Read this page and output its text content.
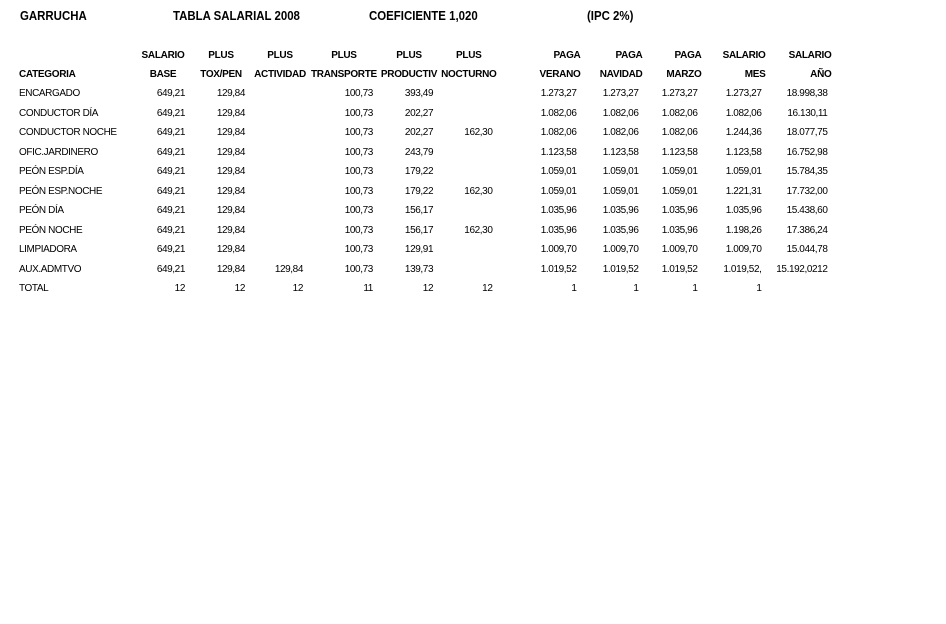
GARRUCHA	TABLA SALARIAL 2008	COEFICIENTE 1,020	(IPC 2%)
	SALARIO	PLUS	PLUS	PLUS	PLUS	PLUS	PAGA	PAGA	PAGA	SALARIO	SALARIO
CATEGORIA	BASE	TOX/PEN	ACTIVIDAD	TRANSPORTE	PRODUCTIV	NOCTURNO	VERANO	NAVIDAD	MARZO	MES	AÑO
ENCARGADO	649,21	129,84		100,73	393,49		1.273,27	1.273,27	1.273,27	1.273,27	18.998,38
CONDUCTOR DÍA	649,21	129,84		100,73	202,27		1.082,06	1.082,06	1.082,06	1.082,06	16.130,11
CONDUCTOR NOCHE	649,21	129,84		100,73	202,27	162,30	1.082,06	1.082,06	1.082,06	1.244,36	18.077,75
OFIC.JARDINERO	649,21	129,84		100,73	243,79		1.123,58	1.123,58	1.123,58	1.123,58	16.752,98
PEÓN ESP.DÍA	649,21	129,84		100,73	179,22		1.059,01	1.059,01	1.059,01	1.059,01	15.784,35
PEÓN ESP.NOCHE	649,21	129,84		100,73	179,22	162,30	1.059,01	1.059,01	1.059,01	1.221,31	17.732,00
PEÓN DÍA	649,21	129,84		100,73	156,17		1.035,96	1.035,96	1.035,96	1.035,96	15.438,60
PEÓN NOCHE	649,21	129,84		100,73	156,17	162,30	1.035,96	1.035,96	1.035,96	1.198,26	17.386,24
LIMPIADORA	649,21	129,84		100,73	129,91		1.009,70	1.009,70	1.009,70	1.009,70	15.044,78
AUX.ADMTVO	649,21	129,84	129,84	100,73	139,73		1.019,52	1.019,52	1.019,52	1.019,52,	15.192,0212
TOTAL	12	12	12	11	12	12	1	1	1	1	
